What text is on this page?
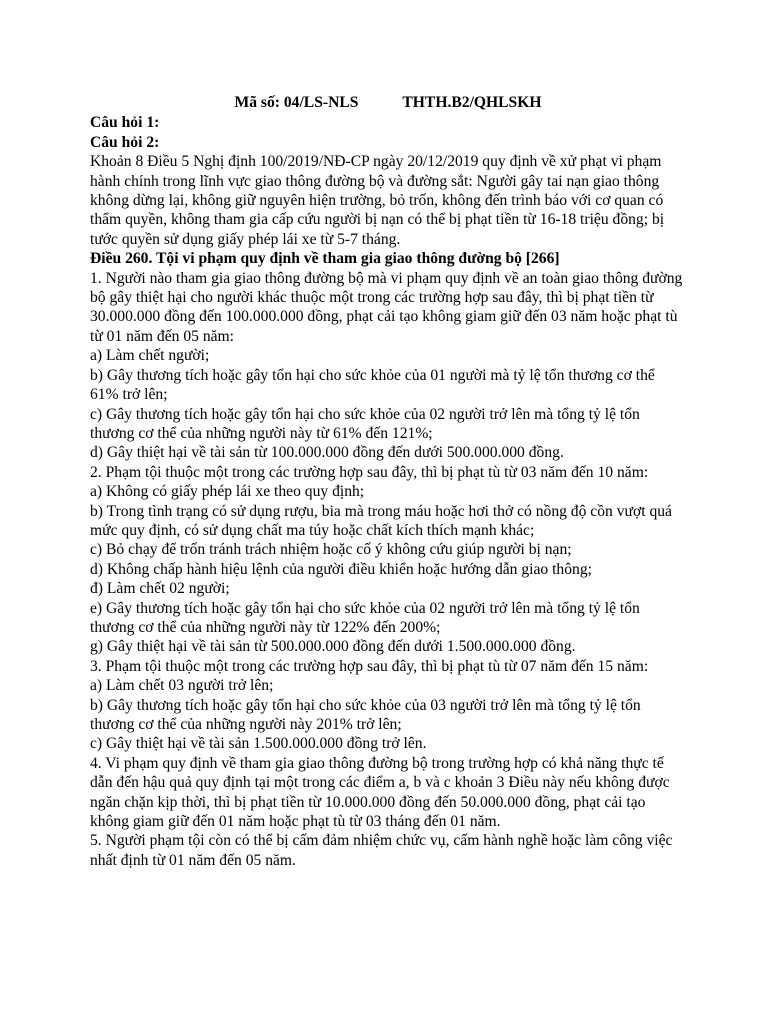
Mã số: 04/LS-NLS	THTH.B2/QHLSKH

Câu hỏi 1:

Câu hỏi 2:

Khoản 8 Điều 5 Nghị định 100/2019/NĐ-CP ngày 20/12/2019 quy định về xử phạt vi phạm hành chính trong lĩnh vực giao thông đường bộ và đường sắt: Người gây tai nạn giao thông không dừng lại, không giữ nguyên hiện trường, bỏ trốn, không đến trình báo với cơ quan có thẩm quyền, không tham gia cấp cứu người bị nạn có thể bị phạt tiền từ 16-18 triệu đồng; bị tước quyền sử dụng giấy phép lái xe từ 5-7 tháng.

Điều 260. Tội vi phạm quy định về tham gia giao thông đường bộ [266]

1. Người nào tham gia giao thông đường bộ mà vi phạm quy định về an toàn giao thông đường bộ gây thiệt hại cho người khác thuộc một trong các trường hợp sau đây, thì bị phạt tiền từ 30.000.000 đồng đến 100.000.000 đồng, phạt cải tạo không giam giữ đến 03 năm hoặc phạt tù từ 01 năm đến 05 năm:

a) Làm chết người;

b) Gây thương tích hoặc gây tổn hại cho sức khỏe của 01 người mà tỷ lệ tổn thương cơ thể 61% trở lên;

c) Gây thương tích hoặc gây tổn hại cho sức khỏe của 02 người trở lên mà tổng tỷ lệ tổn thương cơ thể của những người này từ 61% đến 121%;

d) Gây thiệt hại về tài sản từ 100.000.000 đồng đến dưới 500.000.000 đồng.

2. Phạm tội thuộc một trong các trường hợp sau đây, thì bị phạt tù từ 03 năm đến 10 năm:

a) Không có giấy phép lái xe theo quy định;

b) Trong tình trạng có sử dụng rượu, bia mà trong máu hoặc hơi thở có nồng độ cồn vượt quá mức quy định, có sử dụng chất ma túy hoặc chất kích thích mạnh khác;

c) Bỏ chạy để trốn tránh trách nhiệm hoặc cố ý không cứu giúp người bị nạn;

d) Không chấp hành hiệu lệnh của người điều khiển hoặc hướng dẫn giao thông;

đ) Làm chết 02 người;

e) Gây thương tích hoặc gây tổn hại cho sức khỏe của 02 người trở lên mà tổng tỷ lệ tổn thương cơ thể của những người này từ 122% đến 200%;

g) Gây thiệt hại về tài sản từ 500.000.000 đồng đến dưới 1.500.000.000 đồng.

3. Phạm tội thuộc một trong các trường hợp sau đây, thì bị phạt tù từ 07 năm đến 15 năm:

a) Làm chết 03 người trở lên;

b) Gây thương tích hoặc gây tổn hại cho sức khỏe của 03 người trở lên mà tổng tỷ lệ tổn thương cơ thể của những người này 201% trở lên;

c) Gây thiệt hại về tài sản 1.500.000.000 đồng trở lên.

4. Vi phạm quy định về tham gia giao thông đường bộ trong trường hợp có khả năng thực tế dẫn đến hậu quả quy định tại một trong các điểm a, b và c khoản 3 Điều này nếu không được ngăn chặn kịp thời, thì bị phạt tiền từ 10.000.000 đồng đến 50.000.000 đồng, phạt cải tạo không giam giữ đến 01 năm hoặc phạt tù từ 03 tháng đến 01 năm.

5. Người phạm tội còn có thể bị cấm đảm nhiệm chức vụ, cấm hành nghề hoặc làm công việc nhất định từ 01 năm đến 05 năm.
